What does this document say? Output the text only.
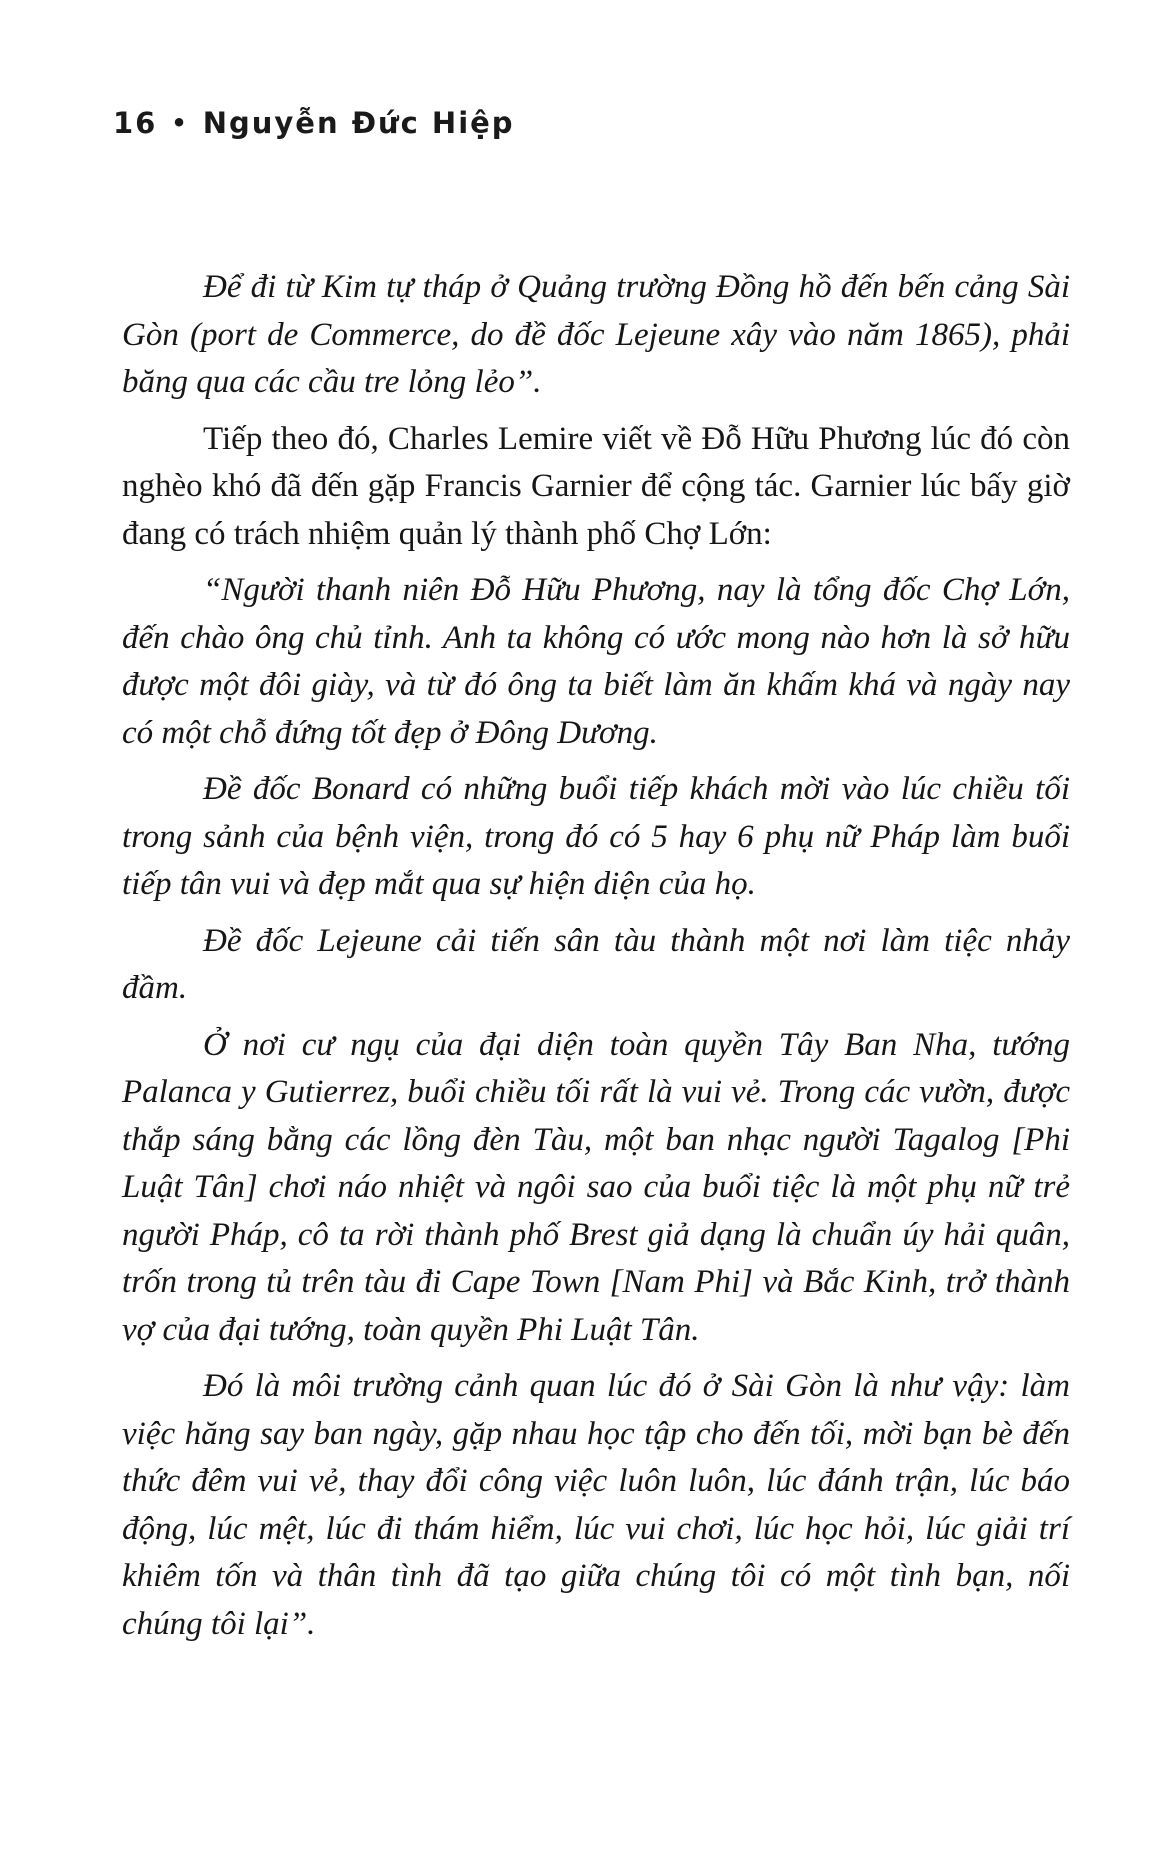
16 • Nguyễn Đức Hiệp

Để đi từ Kim tự tháp ở Quảng trường Đồng hồ đến bến cảng Sài Gòn (port de Commerce, do đề đốc Lejeune xây vào năm 1865), phải băng qua các cầu tre lỏng lẻo”.

Tiếp theo đó, Charles Lemire viết về Đỗ Hữu Phương lúc đó còn nghèo khó đã đến gặp Francis Garnier để cộng tác. Garnier lúc bấy giờ đang có trách nhiệm quản lý thành phố Chợ Lớn:

“Người thanh niên Đỗ Hữu Phương, nay là tổng đốc Chợ Lớn, đến chào ông chủ tỉnh. Anh ta không có ước mong nào hơn là sở hữu được một đôi giày, và từ đó ông ta biết làm ăn khấm khá và ngày nay có một chỗ đứng tốt đẹp ở Đông Dương.

Đề đốc Bonard có những buổi tiếp khách mời vào lúc chiều tối trong sảnh của bệnh viện, trong đó có 5 hay 6 phụ nữ Pháp làm buổi tiếp tân vui và đẹp mắt qua sự hiện diện của họ.

Đề đốc Lejeune cải tiến sân tàu thành một nơi làm tiệc nhảy đầm.

Ở nơi cư ngụ của đại diện toàn quyền Tây Ban Nha, tướng Palanca y Gutierrez, buổi chiều tối rất là vui vẻ. Trong các vườn, được thắp sáng bằng các lồng đèn Tàu, một ban nhạc người Tagalog [Phi Luật Tân] chơi náo nhiệt và ngôi sao của buổi tiệc là một phụ nữ trẻ người Pháp, cô ta rời thành phố Brest giả dạng là chuẩn úy hải quân, trốn trong tủ trên tàu đi Cape Town [Nam Phi] và Bắc Kinh, trở thành vợ của đại tướng, toàn quyền Phi Luật Tân.

Đó là môi trường cảnh quan lúc đó ở Sài Gòn là như vậy: làm việc hăng say ban ngày, gặp nhau học tập cho đến tối, mời bạn bè đến thức đêm vui vẻ, thay đổi công việc luôn luôn, lúc đánh trận, lúc báo động, lúc mệt, lúc đi thám hiểm, lúc vui chơi, lúc học hỏi, lúc giải trí khiêm tốn và thân tình đã tạo giữa chúng tôi có một tình bạn, nối chúng tôi lại”.
